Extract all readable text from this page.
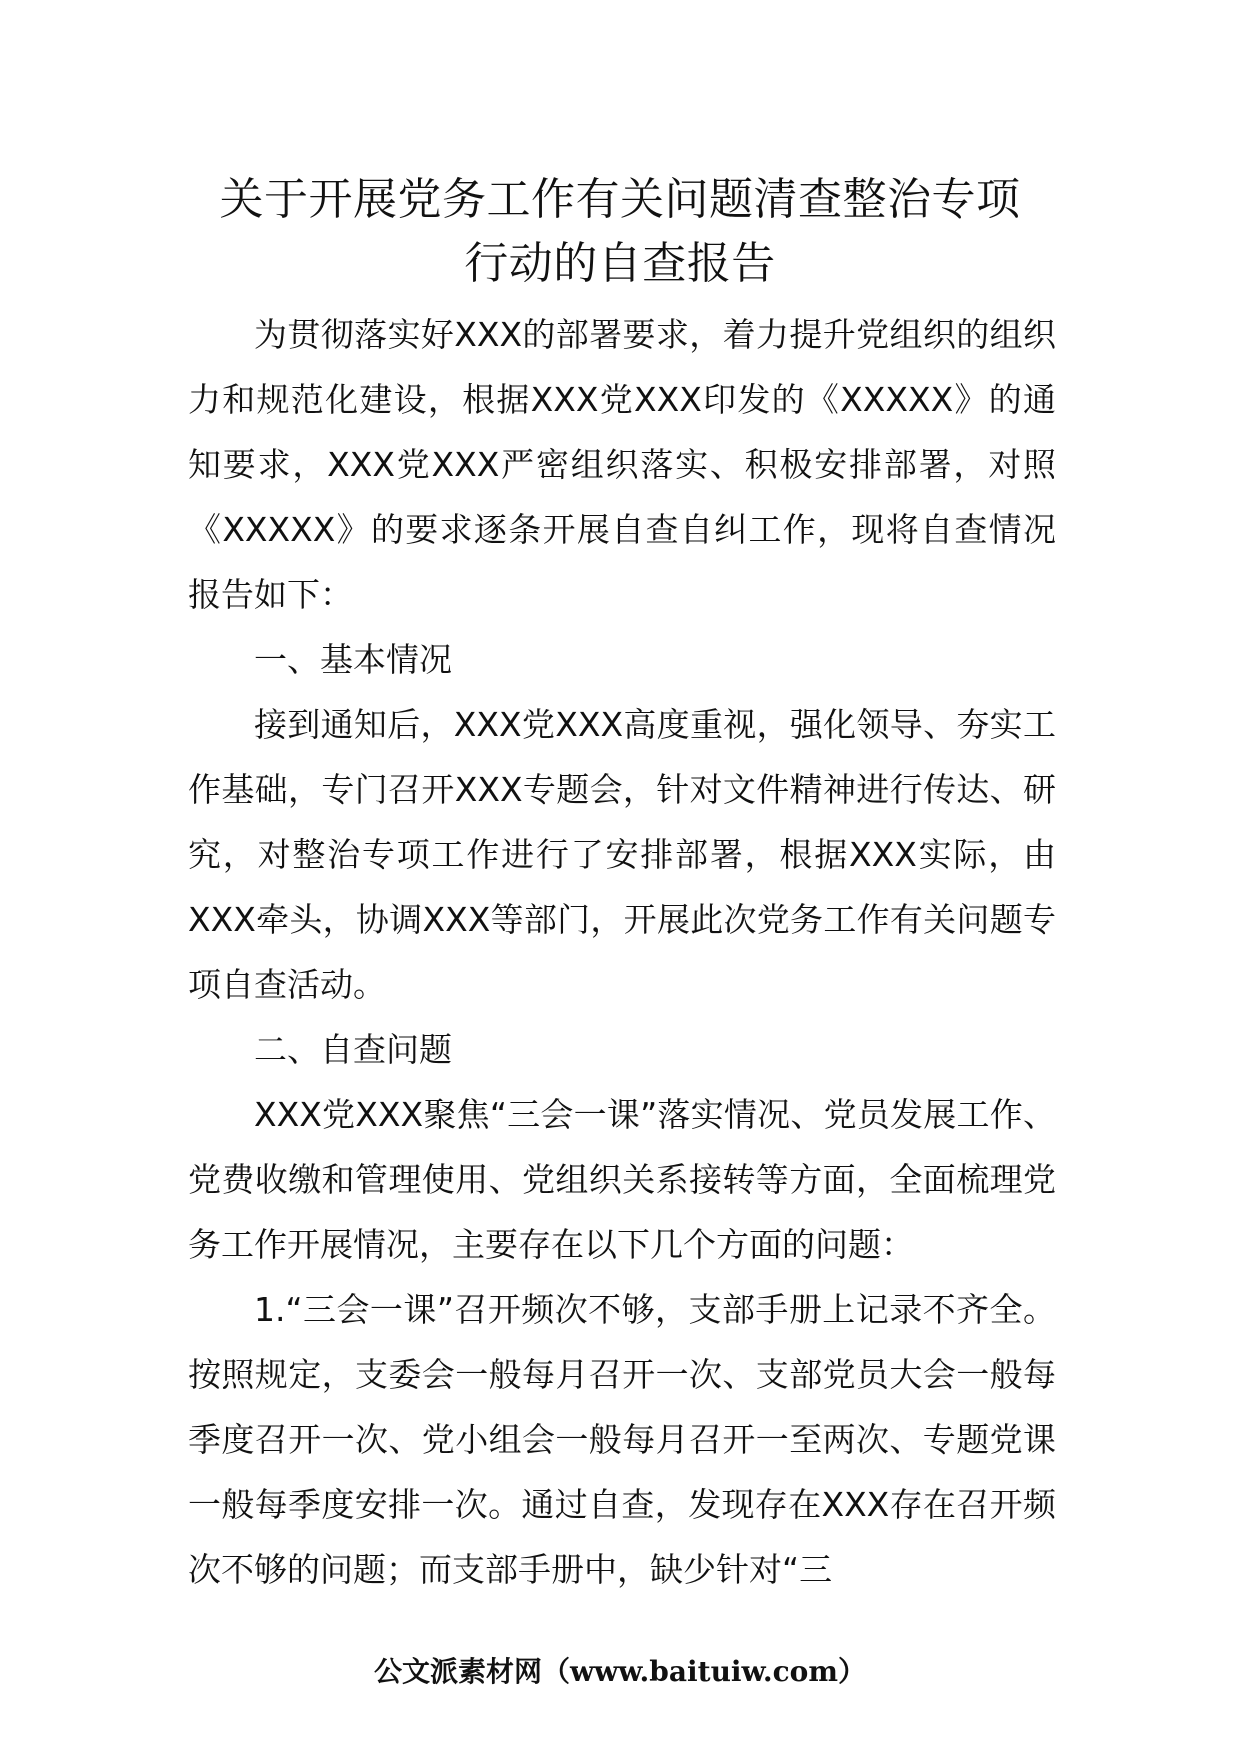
关于开展党务工作有关问题清查整治专项
行动的自查报告

为贯彻落实好XXX的部署要求，着力提升党组织的组织力和规范化建设，根据XXX党XXX印发的《XXXXX》的通知要求，XXX党XXX严密组织落实、积极安排部署，对照《XXXXX》的要求逐条开展自查自纠工作，现将自查情况报告如下：

一、基本情况

接到通知后，XXX党XXX高度重视，强化领导、夯实工作基础，专门召开XXX专题会，针对文件精神进行传达、研究，对整治专项工作进行了安排部署，根据XXX实际，由XXX牵头，协调XXX等部门，开展此次党务工作有关问题专项自查活动。

二、自查问题

XXX党XXX聚焦“三会一课”落实情况、党员发展工作、党费收缴和管理使用、党组织关系接转等方面，全面梳理党务工作开展情况，主要存在以下几个方面的问题：

1.“三会一课”召开频次不够，支部手册上记录不齐全。按照规定，支委会一般每月召开一次、支部党员大会一般每季度召开一次、党小组会一般每月召开一至两次、专题党课一般每季度安排一次。通过自查，发现存在XXX存在召开频次不够的问题；而支部手册中，缺少针对“三

公文派素材网（www.baituiw.com）
